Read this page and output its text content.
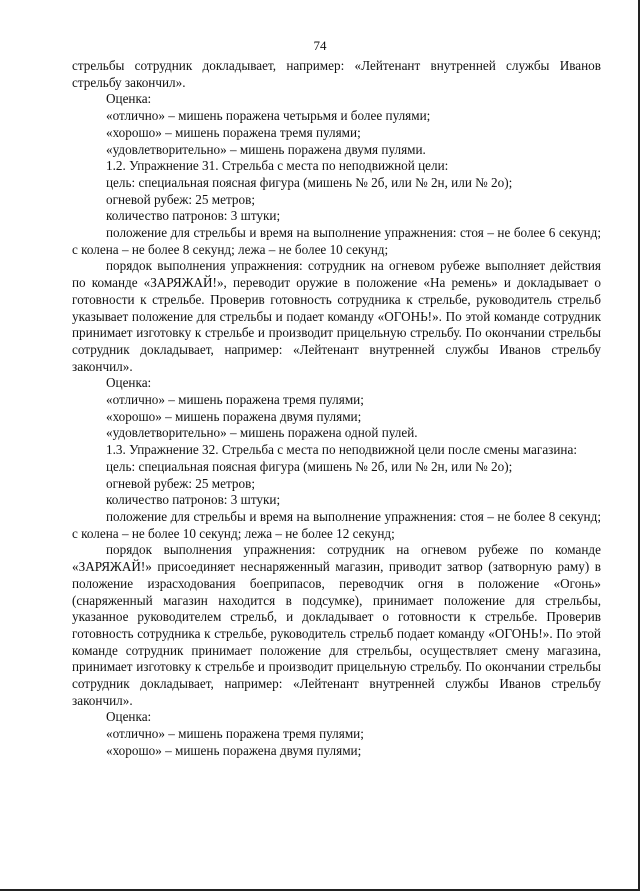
74

стрельбы сотрудник докладывает, например: «Лейтенант внутренней службы Иванов стрельбу закончил».

Оценка:

«отлично» – мишень поражена четырьмя и более пулями;

«хорошо» – мишень поражена тремя пулями;

«удовлетворительно» – мишень поражена двумя пулями.

1.2. Упражнение 31. Стрельба с места по неподвижной цели:

цель: специальная поясная фигура (мишень № 2б, или № 2н, или № 2о);

огневой рубеж: 25 метров;

количество патронов: 3 штуки;

положение для стрельбы и время на выполнение упражнения: стоя – не более 6 секунд; с колена – не более 8 секунд; лежа – не более 10 секунд;

порядок выполнения упражнения: сотрудник на огневом рубеже выполняет действия по команде «ЗАРЯЖАЙ!», переводит оружие в положение «На ремень» и докладывает о готовности к стрельбе. Проверив готовность сотрудника к стрельбе, руководитель стрельб указывает положение для стрельбы и подает команду «ОГОНЬ!». По этой команде сотрудник принимает изготовку к стрельбе и производит прицельную стрельбу. По окончании стрельбы сотрудник докладывает, например: «Лейтенант внутренней службы Иванов стрельбу закончил».

Оценка:

«отлично» – мишень поражена тремя пулями;

«хорошо» – мишень поражена двумя пулями;

«удовлетворительно» – мишень поражена одной пулей.

1.3. Упражнение 32. Стрельба с места по неподвижной цели после смены магазина:

цель: специальная поясная фигура (мишень № 2б, или № 2н, или № 2о);

огневой рубеж: 25 метров;

количество патронов: 3 штуки;

положение для стрельбы и время на выполнение упражнения: стоя – не более 8 секунд; с колена – не более 10 секунд; лежа – не более 12 секунд;

порядок выполнения упражнения: сотрудник на огневом рубеже по команде «ЗАРЯЖАЙ!» присоединяет неснаряженный магазин, приводит затвор (затворную раму) в положение израсходования боеприпасов, переводчик огня в положение «Огонь» (снаряженный магазин находится в подсумке), принимает положение для стрельбы, указанное руководителем стрельб, и докладывает о готовности к стрельбе. Проверив готовность сотрудника к стрельбе, руководитель стрельб подает команду «ОГОНЬ!». По этой команде сотрудник принимает положение для стрельбы, осуществляет смену магазина, принимает изготовку к стрельбе и производит прицельную стрельбу. По окончании стрельбы сотрудник докладывает, например: «Лейтенант внутренней службы Иванов стрельбу закончил».

Оценка:

«отлично» – мишень поражена тремя пулями;

«хорошо» – мишень поражена двумя пулями;
